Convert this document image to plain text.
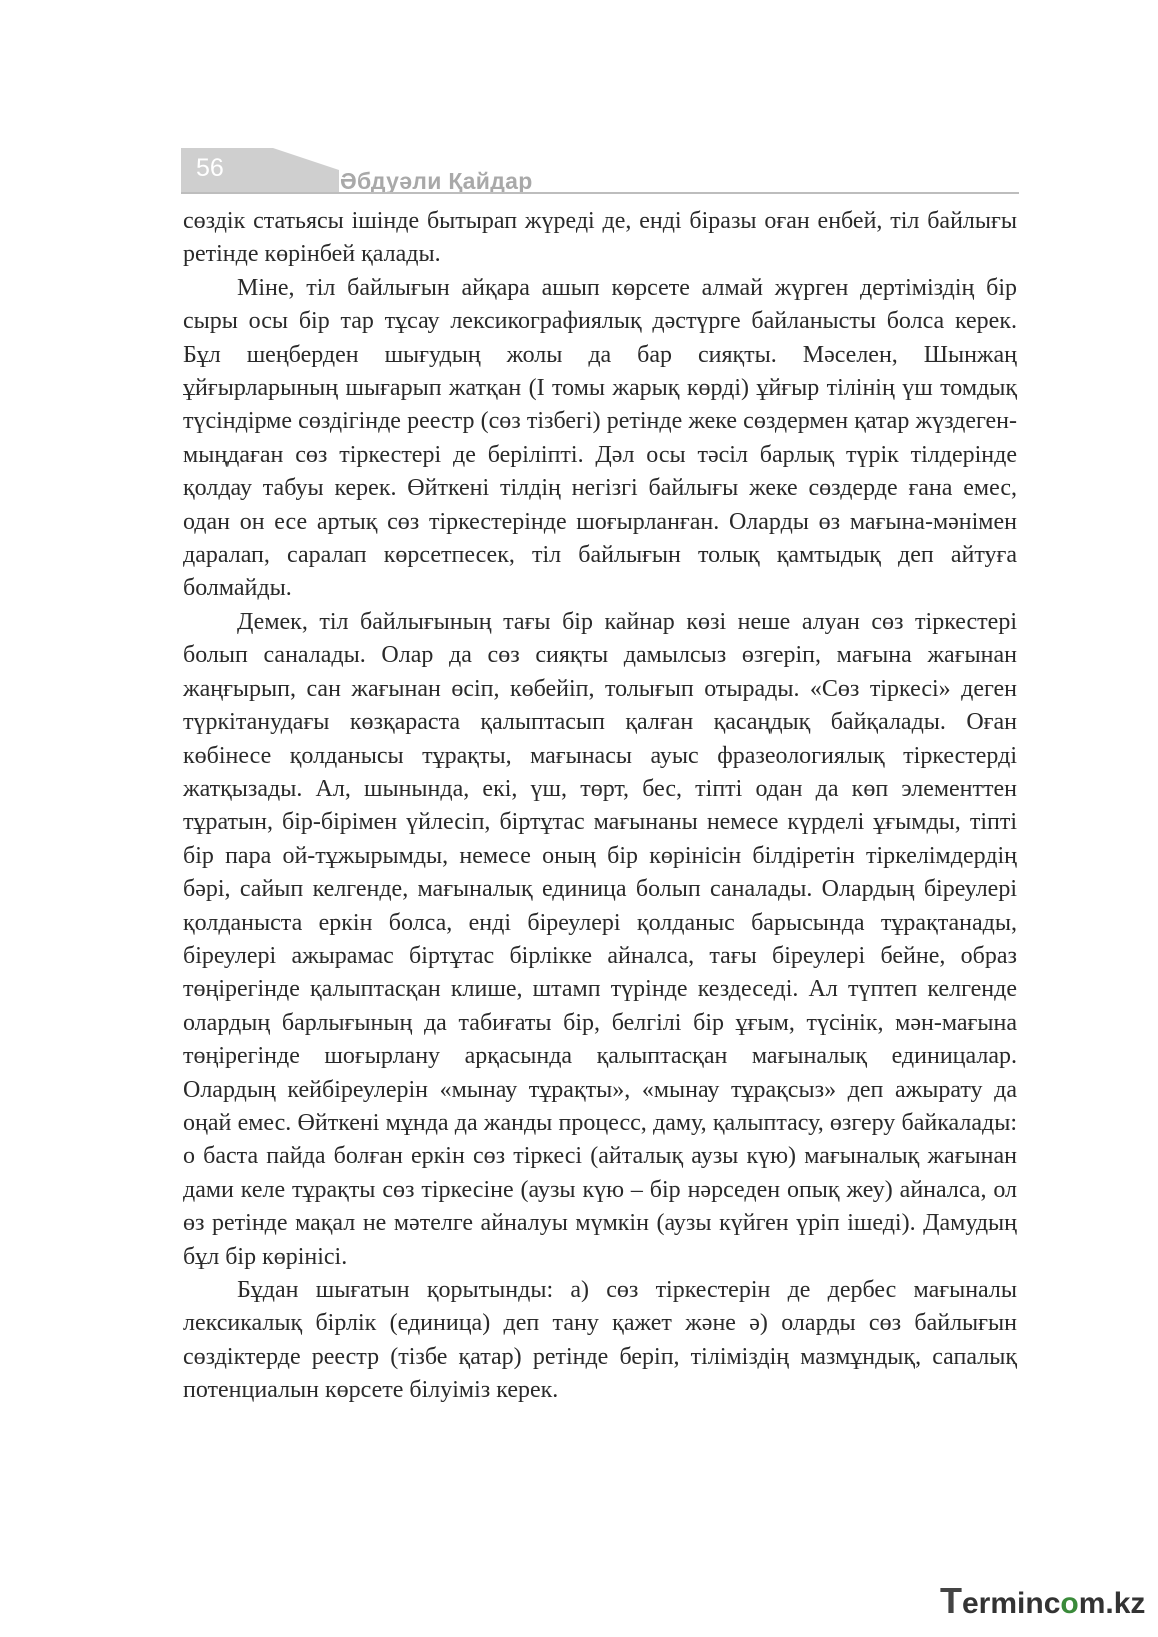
56	Әбдуәли Қайдар

сөздік статьясы ішінде бытырап жүреді де, енді біразы оған енбей, тіл байлығы ретінде көрінбей қалады.

Міне, тіл байлығын айқара ашып көрсете алмай жүрген дертіміздің бір сыры осы бір тар тұсау лексикографиялық дәстүрге байланысты болса керек. Бұл шеңберден шығудың жолы да бар сияқты. Мәселен, Шынжаң ұйғырларының шығарып жатқан (І томы жарық көрді) ұйғыр тілінің үш томдық түсіндірме сөздігінде реестр (сөз тізбегі) ретінде жеке сөздермен қатар жүздеген-мыңдаған сөз тіркестері де беріліпті. Дәл осы тәсіл барлық түрік тілдерінде қолдау табуы керек. Өйткені тілдің негізгі байлығы жеке сөздерде ғана емес, одан он есе артық сөз тіркестерінде шоғырланған. Оларды өз мағына-мәнімен даралап, саралап көрсетпесек, тіл байлығын толық қамтыдық деп айтуға болмайды.

Демек, тіл байлығының тағы бір кайнар көзі неше алуан сөз тіркестері болып саналады. Олар да сөз сияқты дамылсыз өзгеріп, мағына жағынан жаңғырып, сан жағынан өсіп, көбейіп, толығып отырады. «Сөз тіркесі» деген түркітанудағы көзқараста қалыптасып қалған қасаңдық байқалады. Оған көбінесе қолданысы тұрақты, мағынасы ауыс фразеологиялық тіркестерді жатқызады. Ал, шынында, екі, үш, төрт, бес, тіпті одан да көп элементтен тұратын, бір-бірімен үйлесіп, біртұтас мағынаны немесе күрделі ұғымды, тіпті бір пара ой-тұжырымды, немесе оның бір көрінісін білдіретін тіркелімдердің бәрі, сайып келгенде, мағыналық единица болып саналады. Олардың біреулері қолданыста еркін болса, енді біреулері қолданыс барысында тұрақтанады, біреулері ажырамас біртұтас бірлікке айналса, тағы біреулері бейне, образ төңірегінде қалыптасқан клише, штамп түрінде кездеседі. Ал түптеп келгенде олардың барлығының да табиғаты бір, белгілі бір ұғым, түсінік, мән-мағына төңірегінде шоғырлану арқасында қалыптасқан мағыналық единицалар. Олардың кейбіреулерін «мынау тұрақты», «мынау тұрақсыз» деп ажырату да оңай емес. Өйткені мұнда да жанды процесс, даму, қалыптасу, өзгеру байкалады: о баста пайда болған еркін сөз тіркесі (айталық аузы күю) мағыналық жағынан дами келе тұрақты сөз тіркесіне (аузы күю – бір нәрседен опық жеу) айналса, ол өз ретінде мақал не мәтелге айналуы мүмкін (аузы күйген үріп ішеді). Дамудың бұл бір көрінісі.

Бұдан шығатын қорытынды: а) сөз тіркестерін де дербес мағыналы лексикалық бірлік (единица) деп тану қажет және ә) оларды сөз байлығын сөздіктерде реестр (тізбе қатар) ретінде беріп, тіліміздің мазмұндық, сапалық потенциалын көрсете білуіміз керек.

Termincom.kz
